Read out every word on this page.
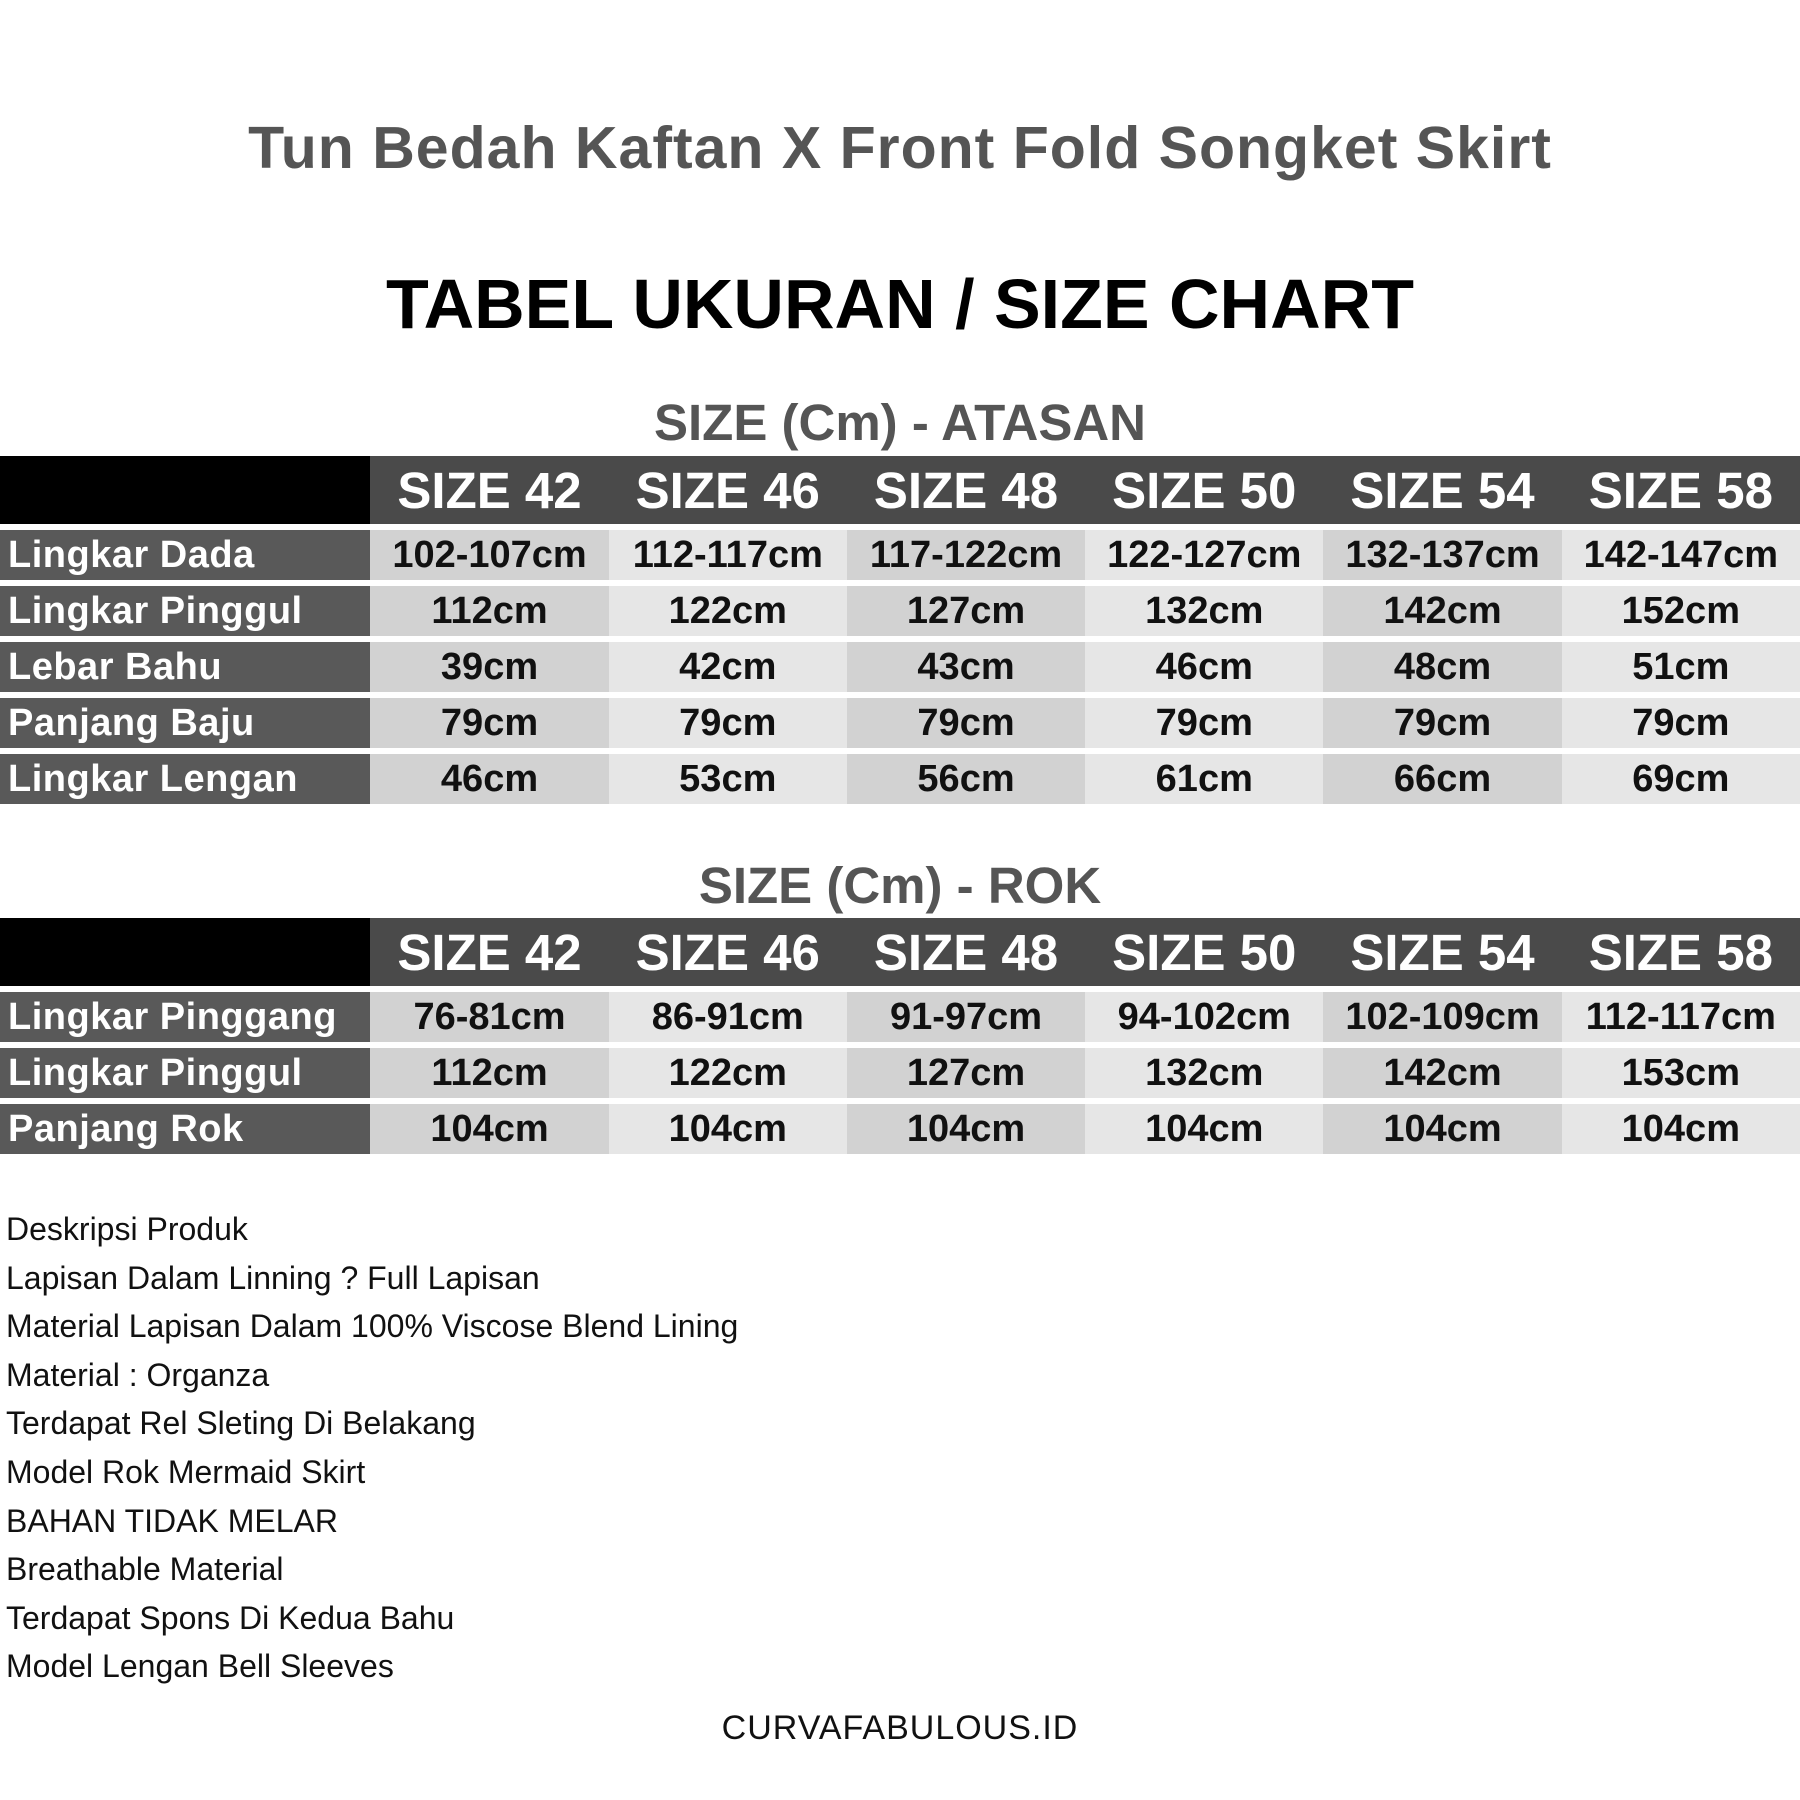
Tun Bedah Kaftan X Front Fold Songket Skirt
TABEL UKURAN / SIZE CHART
SIZE (Cm) - ATASAN
	SIZE 42	SIZE 46	SIZE 48	SIZE 50	SIZE 54	SIZE 58
Lingkar Dada	102-107cm	112-117cm	117-122cm	122-127cm	132-137cm	142-147cm
Lingkar Pinggul	112cm	122cm	127cm	132cm	142cm	152cm
Lebar Bahu	39cm	42cm	43cm	46cm	48cm	51cm
Panjang Baju	79cm	79cm	79cm	79cm	79cm	79cm
Lingkar Lengan	46cm	53cm	56cm	61cm	66cm	69cm
SIZE (Cm) - ROK
	SIZE 42	SIZE 46	SIZE 48	SIZE 50	SIZE 54	SIZE 58
Lingkar Pinggang	76-81cm	86-91cm	91-97cm	94-102cm	102-109cm	112-117cm
Lingkar Pinggul	112cm	122cm	127cm	132cm	142cm	153cm
Panjang Rok	104cm	104cm	104cm	104cm	104cm	104cm
Deskripsi Produk
Lapisan Dalam Linning ? Full Lapisan
Material Lapisan Dalam 100% Viscose Blend Lining
Material : Organza
Terdapat Rel Sleting Di Belakang
Model Rok Mermaid Skirt
BAHAN TIDAK MELAR
Breathable Material
Terdapat Spons Di Kedua Bahu
Model Lengan Bell Sleeves
CURVAFABULOUS.ID
